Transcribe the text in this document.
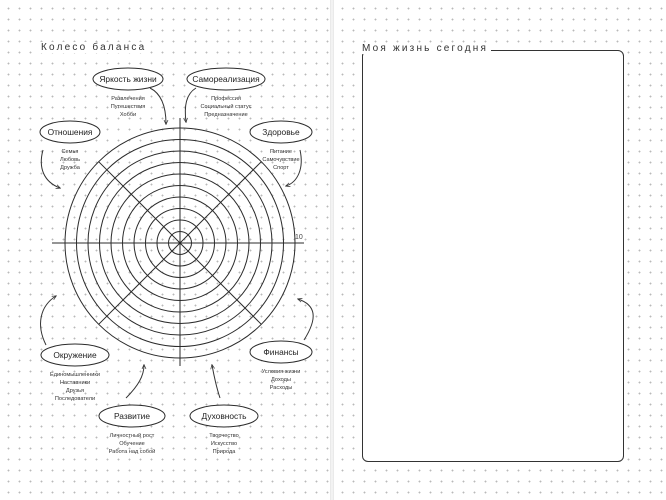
10
Яркость жизни
Развлечения
Путешествия
Хобби
Самореализация
Профессия
Социальный статус
Предназначение
Отношения
Семья
Любовь
Дружба
Здоровье
Питание
Самочувствие
Спорт
Окружение
Единомышленники
Наставники
Друзья
Последователи
Финансы
Условия жизни
Доходы
Расходы
Развитие
Личностный рост
Обучение
Работа над собой
Духовность
Творчество
Искусство
Природа
Колесо баланса	Моя жизнь сегодня
